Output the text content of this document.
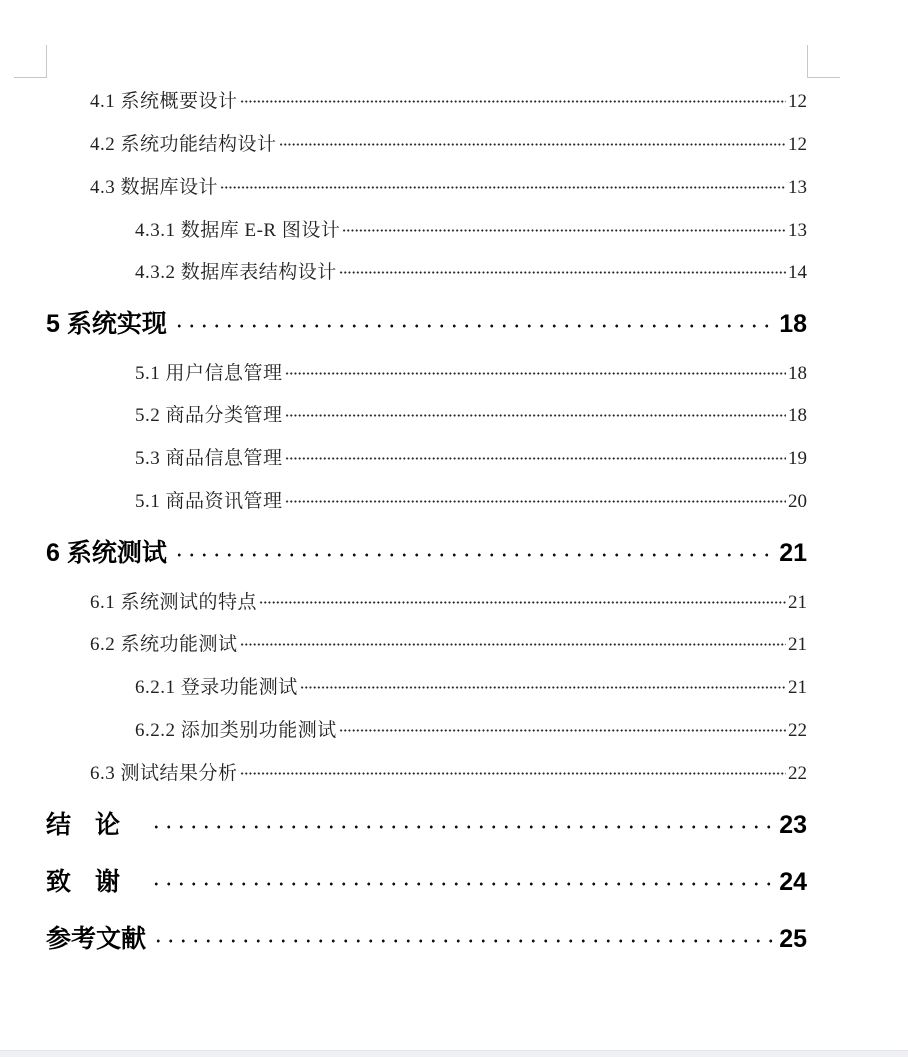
4.1 系统概要设计	12
4.2 系统功能结构设计	12
4.3 数据库设计	13
4.3.1 数据库 E-R 图设计	13
4.3.2 数据库表结构设计	14
5 系统实现	18
5.1 用户信息管理	18
5.2 商品分类管理	18
5.3 商品信息管理	19
5.1 商品资讯管理	20
6 系统测试	21
6.1 系统测试的特点	21
6.2 系统功能测试	21
6.2.1 登录功能测试	21
6.2.2 添加类别功能测试	22
6.3 测试结果分析	22
结论	23
致谢	24
参考文献	25
